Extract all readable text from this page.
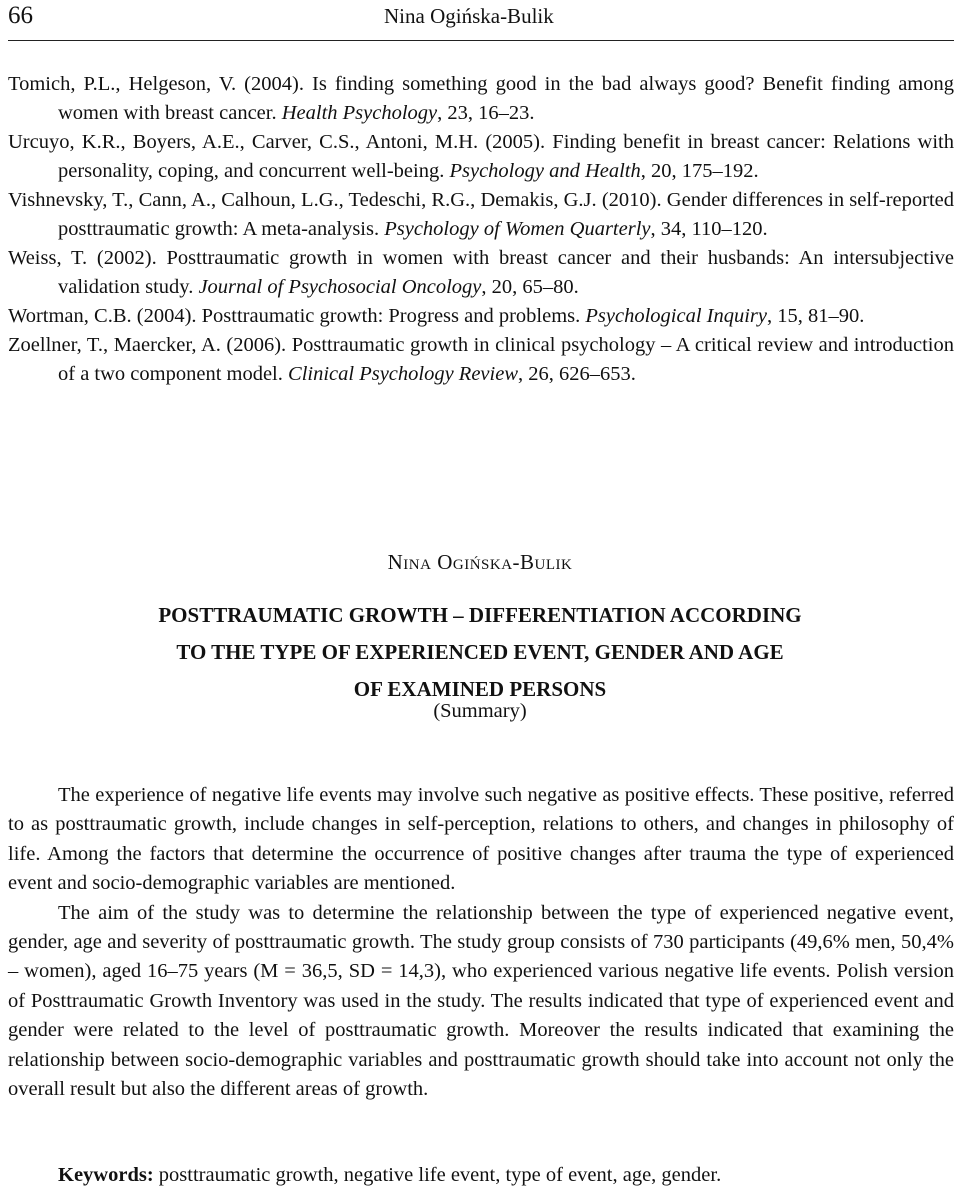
66	Nina Ogińska-Bulik

Tomich, P.L., Helgeson, V. (2004). Is finding something good in the bad always good? Benefit finding among women with breast cancer. Health Psychology, 23, 16–23.

Urcuyo, K.R., Boyers, A.E., Carver, C.S., Antoni, M.H. (2005). Finding benefit in breast cancer: Relations with personality, coping, and concurrent well-being. Psychology and Health, 20, 175–192.

Vishnevsky, T., Cann, A., Calhoun, L.G., Tedeschi, R.G., Demakis, G.J. (2010). Gender differences in self-reported posttraumatic growth: A meta-analysis. Psychology of Women Quarterly, 34, 110–120.

Weiss, T. (2002). Posttraumatic growth in women with breast cancer and their husbands: An intersubjective validation study. Journal of Psychosocial Oncology, 20, 65–80.

Wortman, C.B. (2004). Posttraumatic growth: Progress and problems. Psychological Inquiry, 15, 81–90.

Zoellner, T., Maercker, A. (2006). Posttraumatic growth in clinical psychology – A critical review and introduction of a two component model. Clinical Psychology Review, 26, 626–653.

Nina Ogińska-Bulik
POSTTRAUMATIC GROWTH – DIFFERENTIATION ACCORDING
TO THE TYPE OF EXPERIENCED EVENT, GENDER AND AGE
OF EXAMINED PERSONS
(Summary)

The experience of negative life events may involve such negative as positive effects. These positive, referred to as posttraumatic growth, include changes in self-perception, relations to others, and changes in philosophy of life. Among the factors that determine the occurrence of positive changes after trauma the type of experienced event and socio-demographic variables are mentioned.

The aim of the study was to determine the relationship between the type of experienced negative event, gender, age and severity of posttraumatic growth. The study group consists of 730 participants (49,6% men, 50,4% – women), aged 16–75 years (M = 36,5, SD = 14,3), who experienced various negative life events. Polish version of Posttraumatic Growth Inventory was used in the study. The results indicated that type of experienced event and gender were related to the level of posttraumatic growth. Moreover the results indicated that examining the relationship between socio-demographic variables and posttraumatic growth should take into account not only the overall result but also the different areas of growth.

Keywords: posttraumatic growth, negative life event, type of event, age, gender.
